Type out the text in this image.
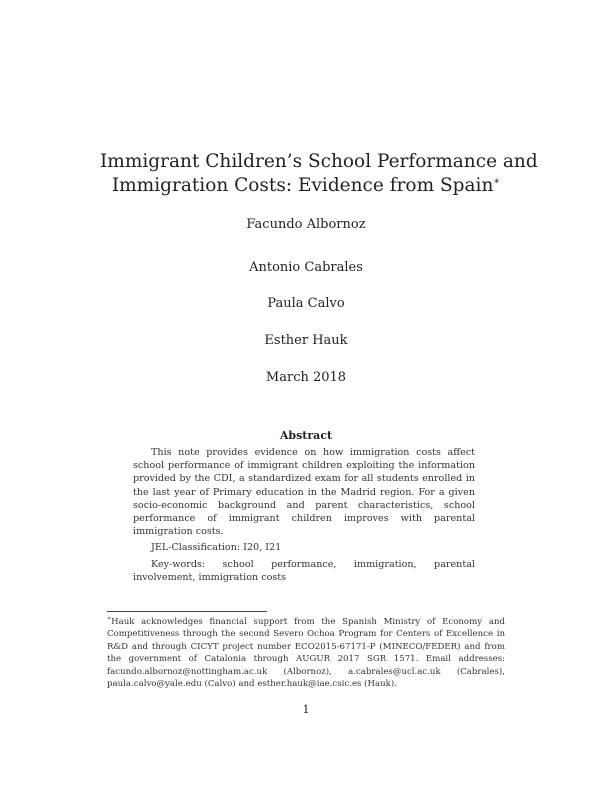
Immigrant Children’s School Performance and
Immigration Costs: Evidence from Spain∗
Facundo Albornoz
Antonio Cabrales
Paula Calvo
Esther Hauk
March 2018
Abstract

This note provides evidence on how immigration costs affect school performance of immigrant children exploiting the information provided by the CDI, a standardized exam for all students enrolled in the last year of Primary education in the Madrid region. For a given socio-economic background and parent characteristics, school performance of immigrant children improves with parental immigration costs.

JEL-Classification: I20, I21

Key-words: school performance, immigration, parental involvement, immigration costs

∗Hauk acknowledges financial support from the Spanish Ministry of Economy and Competitiveness through the second Severo Ochoa Program for Centers of Excellence in R&D and through CICYT project number ECO2015-67171-P (MINECO/FEDER) and from the government of Catalonia through AUGUR 2017 SGR 1571. Email addresses: facundo.albornoz@nottingham.ac.uk (Albornoz), a.cabrales@ucl.ac.uk (Cabrales), paula.calvo@yale.edu (Calvo) and esther.hauk@iae.csic.es (Hauk).
1
